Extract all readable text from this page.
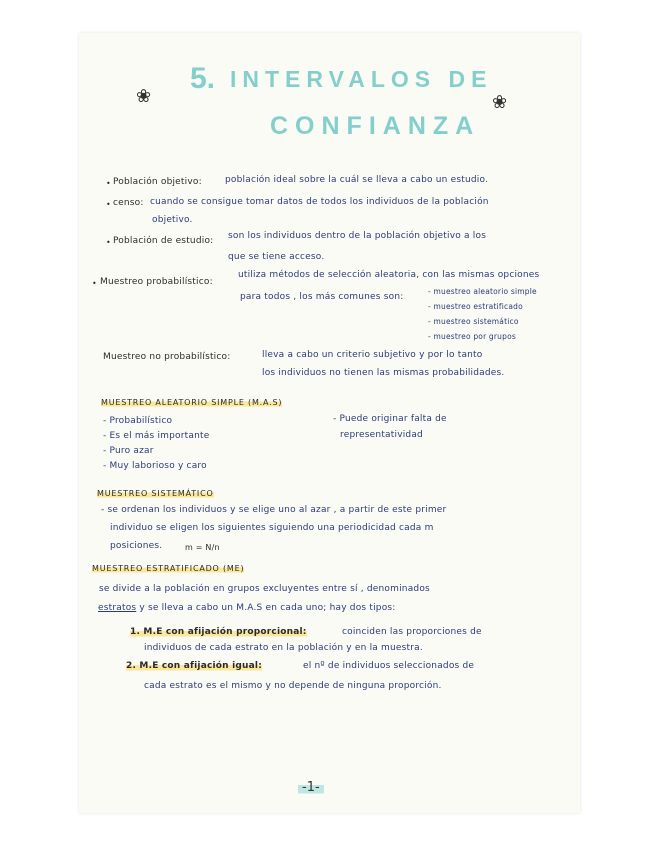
5. INTERVALOS DE
CONFIANZA
❀	❀
• Población objetivo:	población ideal sobre la cuál se lleva a cabo un estudio.
• censo: cuando se consigue tomar datos de todos los individuos de la población
objetivo.
• Población de estudio: son los individuos dentro de la población objetivo a los
que se tiene acceso.
• Muestreo probabilístico:
utiliza métodos de selección aleatoria, con las mismas opciones
para todos , los más comunes son:
- muestreo aleatorio simple
- muestreo estratificado
- muestreo sistemático
- muestreo por grupos
Muestreo no probabilístico:	lleva a cabo un criterio subjetivo y por lo tanto
los individuos no tienen las mismas probabilidades.
MUESTREO ALEATORIO SIMPLE (M.A.S)
- Probabilístico
- Es el más importante
- Puro azar
- Muy laborioso y caro
- Puede originar falta de
representatividad
MUESTREO SISTEMÁTICO
- se ordenan los individuos y se elige uno al azar , a partir de este primer
individuo se eligen los siguientes siguiendo una periodicidad cada m
posiciones.	m = N/n
MUESTREO ESTRATIFICADO (ME)
se divide a la población en grupos excluyentes entre sí , denominados
estratos y se lleva a cabo un M.A.S en cada uno; hay dos tipos:
1. M.E con afijación proporcional:	coinciden las proporciones de
individuos de cada estrato en la población y en la muestra.
2. M.E con afijación igual:	el nº de individuos seleccionados de
cada estrato es el mismo y no depende de ninguna proporción.
-1-
